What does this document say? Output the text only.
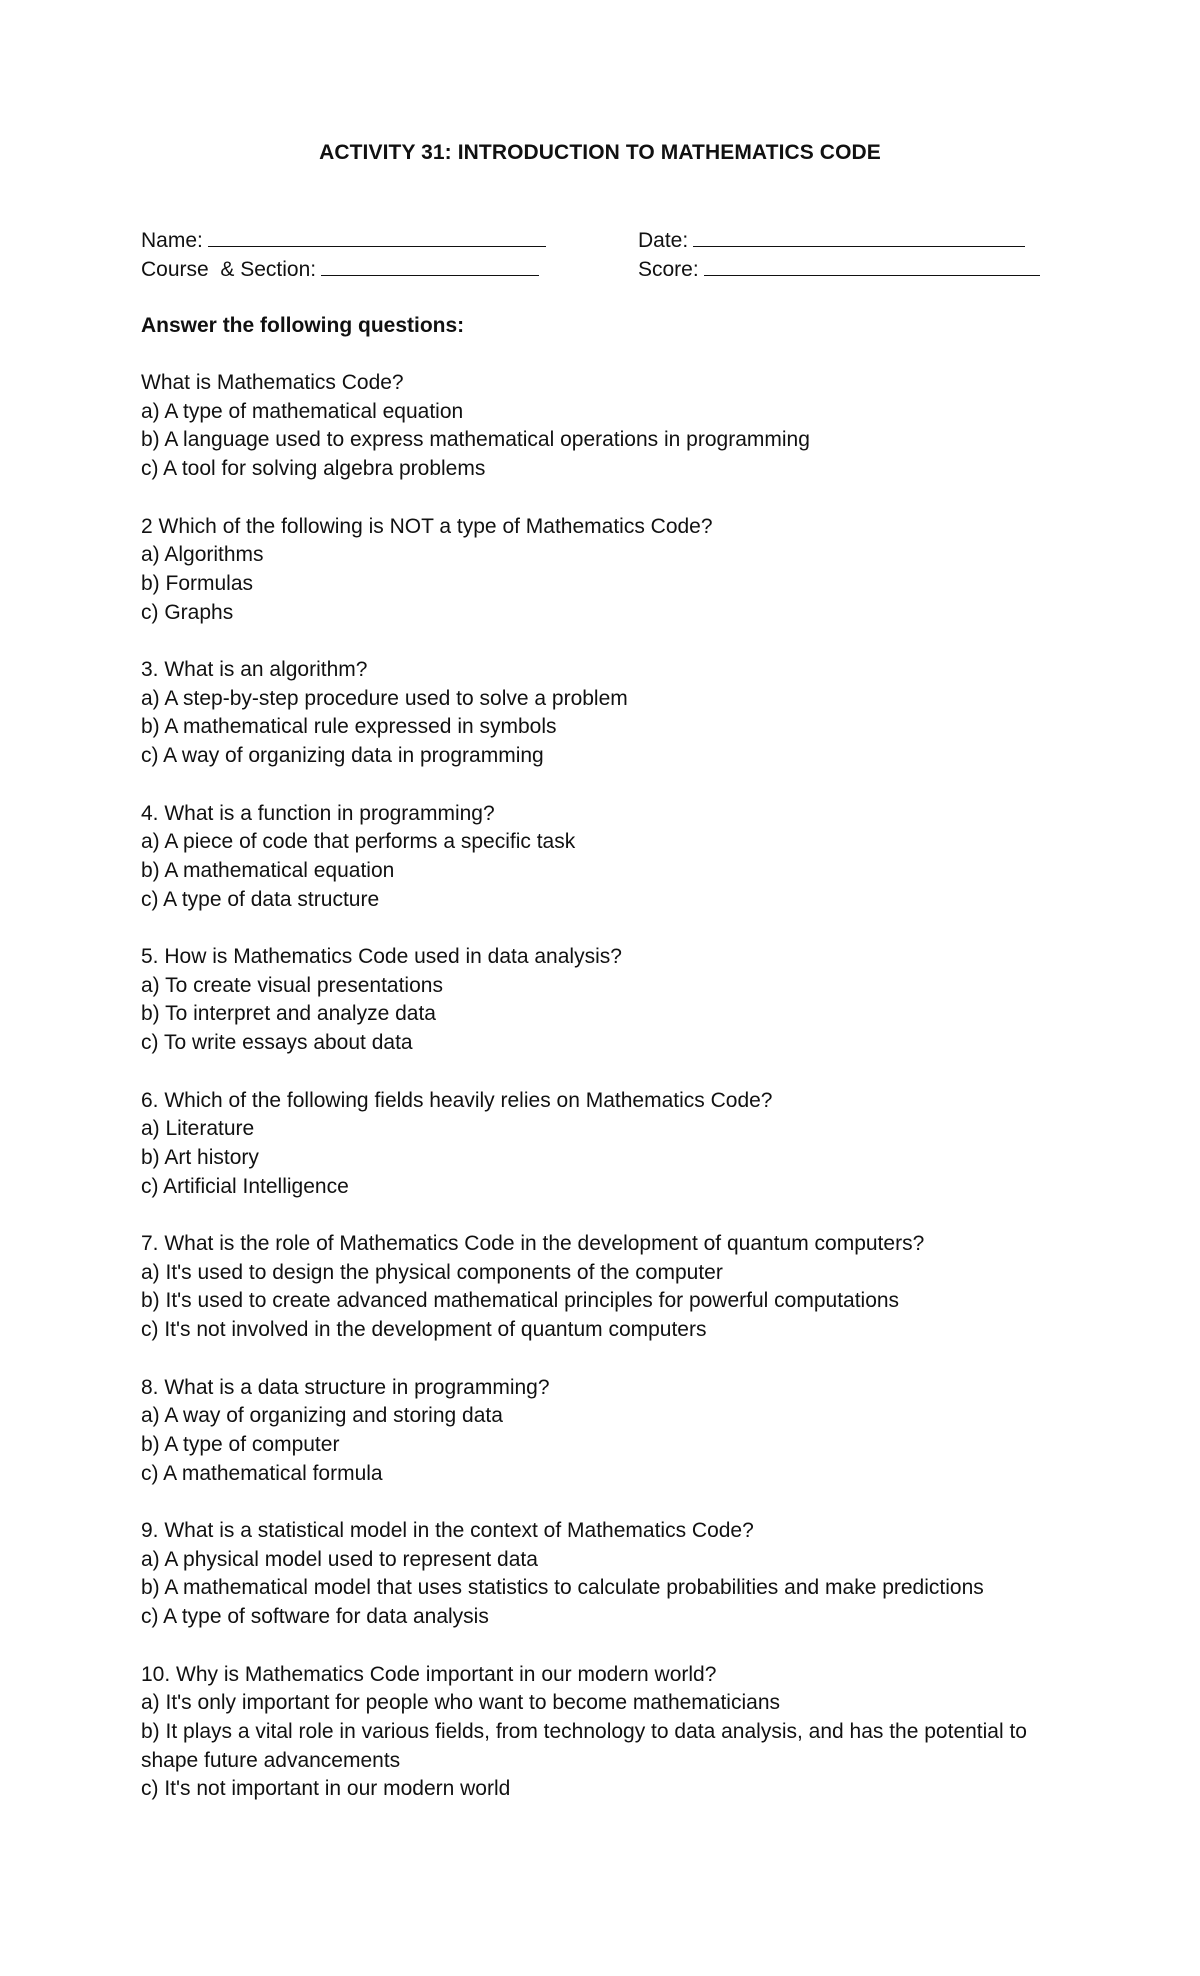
ACTIVITY 31: INTRODUCTION TO MATHEMATICS CODE
Name:	Date:
Course  & Section:	Score:
Answer the following questions:
What is Mathematics Code?
a) A type of mathematical equation
b) A language used to express mathematical operations in programming
c) A tool for solving algebra problems
2 Which of the following is NOT a type of Mathematics Code?
a) Algorithms
b) Formulas
c) Graphs
3. What is an algorithm?
a) A step-by-step procedure used to solve a problem
b) A mathematical rule expressed in symbols
c) A way of organizing data in programming
4. What is a function in programming?
a) A piece of code that performs a specific task
b) A mathematical equation
c) A type of data structure
5. How is Mathematics Code used in data analysis?
a) To create visual presentations
b) To interpret and analyze data
c) To write essays about data
6. Which of the following fields heavily relies on Mathematics Code?
a) Literature
b) Art history
c) Artificial Intelligence
7. What is the role of Mathematics Code in the development of quantum computers?
a) It's used to design the physical components of the computer
b) It's used to create advanced mathematical principles for powerful computations
c) It's not involved in the development of quantum computers
8. What is a data structure in programming?
a) A way of organizing and storing data
b) A type of computer
c) A mathematical formula
9. What is a statistical model in the context of Mathematics Code?
a) A physical model used to represent data
b) A mathematical model that uses statistics to calculate probabilities and make predictions
c) A type of software for data analysis
10. Why is Mathematics Code important in our modern world?
a) It's only important for people who want to become mathematicians
b) It plays a vital role in various fields, from technology to data analysis, and has the potential to shape future advancements
c) It's not important in our modern world
